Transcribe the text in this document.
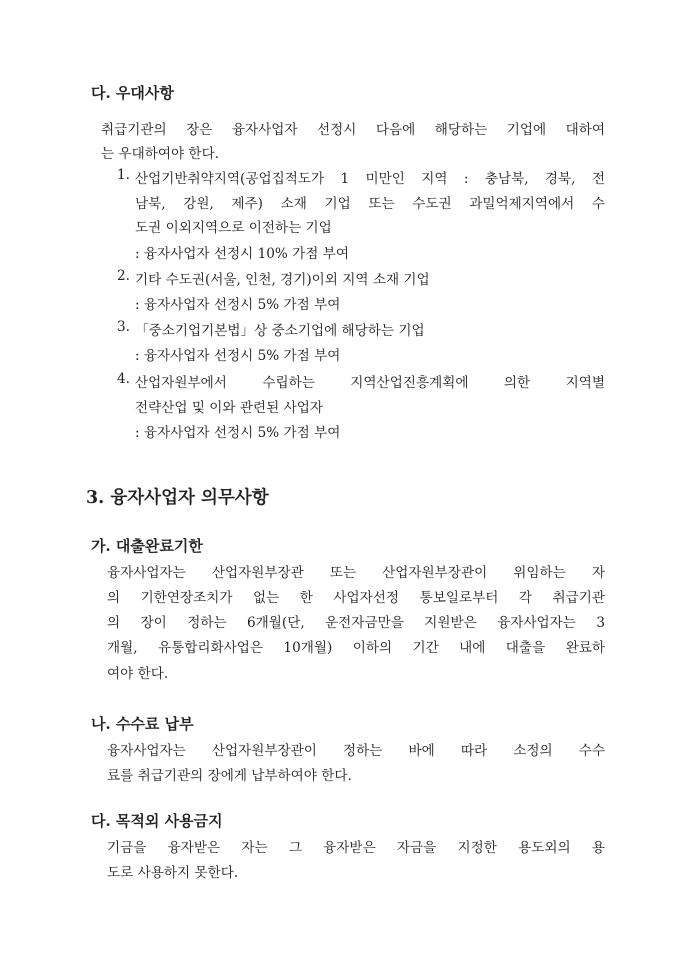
다. 우대사항
취급기관의 장은 융자사업자 선정시 다음에 해당하는 기업에 대하여
는 우대하여야 한다.
1. 산업기반취약지역(공업집적도가 1 미만인 지역 : 충남북, 경북, 전
남북, 강원, 제주) 소재 기업 또는 수도권 과밀억제지역에서 수
도권 이외지역으로 이전하는 기업
: 융자사업자 선정시 10% 가점 부여
2. 기타 수도권(서울, 인천, 경기)이외 지역 소재 기업
: 융자사업자 선정시 5% 가점 부여
3. 「중소기업기본법」상 중소기업에 해당하는 기업
: 융자사업자 선정시 5% 가점 부여
4. 산업자원부에서 수립하는 지역산업진흥계획에 의한 지역별
전략산업 및 이와 관련된 사업자
: 융자사업자 선정시 5% 가점 부여
3. 융자사업자 의무사항
가. 대출완료기한
융자사업자는 산업자원부장관 또는 산업자원부장관이 위임하는 자
의 기한연장조치가 없는 한 사업자선정 통보일로부터 각 취급기관
의 장이 정하는 6개월(단, 운전자금만을 지원받은 융자사업자는 3
개월, 유통합리화사업은 10개월) 이하의 기간 내에 대출을 완료하
여야 한다.
나. 수수료 납부
융자사업자는 산업자원부장관이 정하는 바에 따라 소정의 수수
료를 취급기관의 장에게 납부하여야 한다.
다. 목적외 사용금지
기금을 융자받은 자는 그 융자받은 자금을 지정한 용도외의 용
도로 사용하지 못한다.
